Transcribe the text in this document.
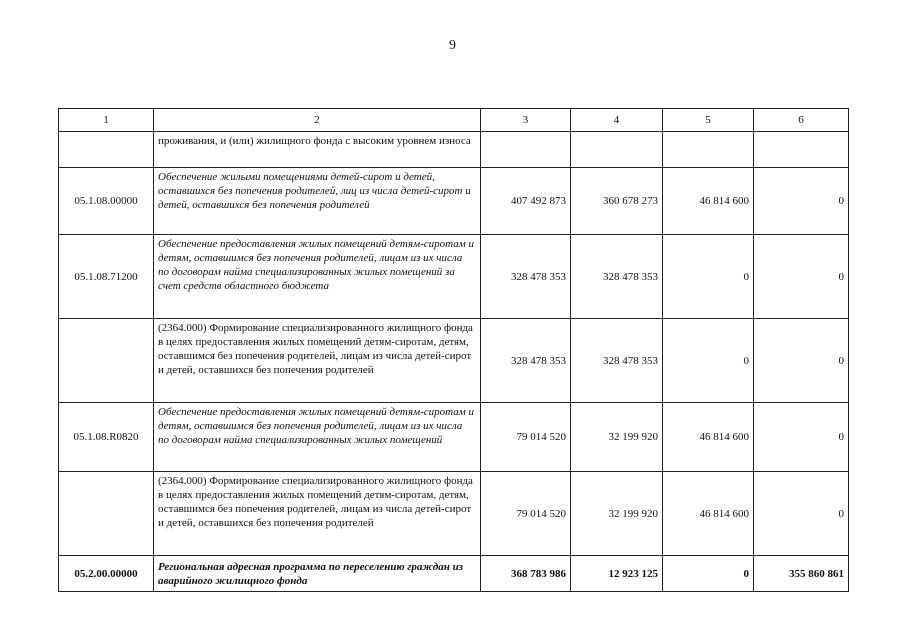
9
1	2	3	4	5	6
	проживания, и (или) жилищного фонда с высоким уровнем износа				
05.1.08.00000	Обеспечение жилыми помещениями детей-сирот и детей, оставшихся без попечения родителей, лиц из числа детей-сирот и детей, оставшихся без попечения родителей	407 492 873	360 678 273	46 814 600	0
05.1.08.71200	Обеспечение предоставления жилых помещений детям-сиротам и детям, оставшимся без попечения родителей, лицам из их числа по договорам найма специализированных жилых помещений за счет средств областного бюджета	328 478 353	328 478 353	0	0
	(2364.000) Формирование специализированного жилищного фонда в целях предоставления жилых помещений детям-сиротам, детям, оставшимся без попечения родителей, лицам из числа детей-сирот и детей, оставшихся без попечения родителей	328 478 353	328 478 353	0	0
05.1.08.R0820	Обеспечение предоставления жилых помещений детям-сиротам и детям, оставшимся без попечения родителей, лицам из их числа по договорам найма специализированных жилых помещений	79 014 520	32 199 920	46 814 600	0
	(2364.000) Формирование специализированного жилищного фонда в целях предоставления жилых помещений детям-сиротам, детям, оставшимся без попечения родителей, лицам из числа детей-сирот и детей, оставшихся без попечения родителей	79 014 520	32 199 920	46 814 600	0
05.2.00.00000	Региональная адресная программа по переселению граждан из аварийного жилищного фонда	368 783 986	12 923 125	0	355 860 861
